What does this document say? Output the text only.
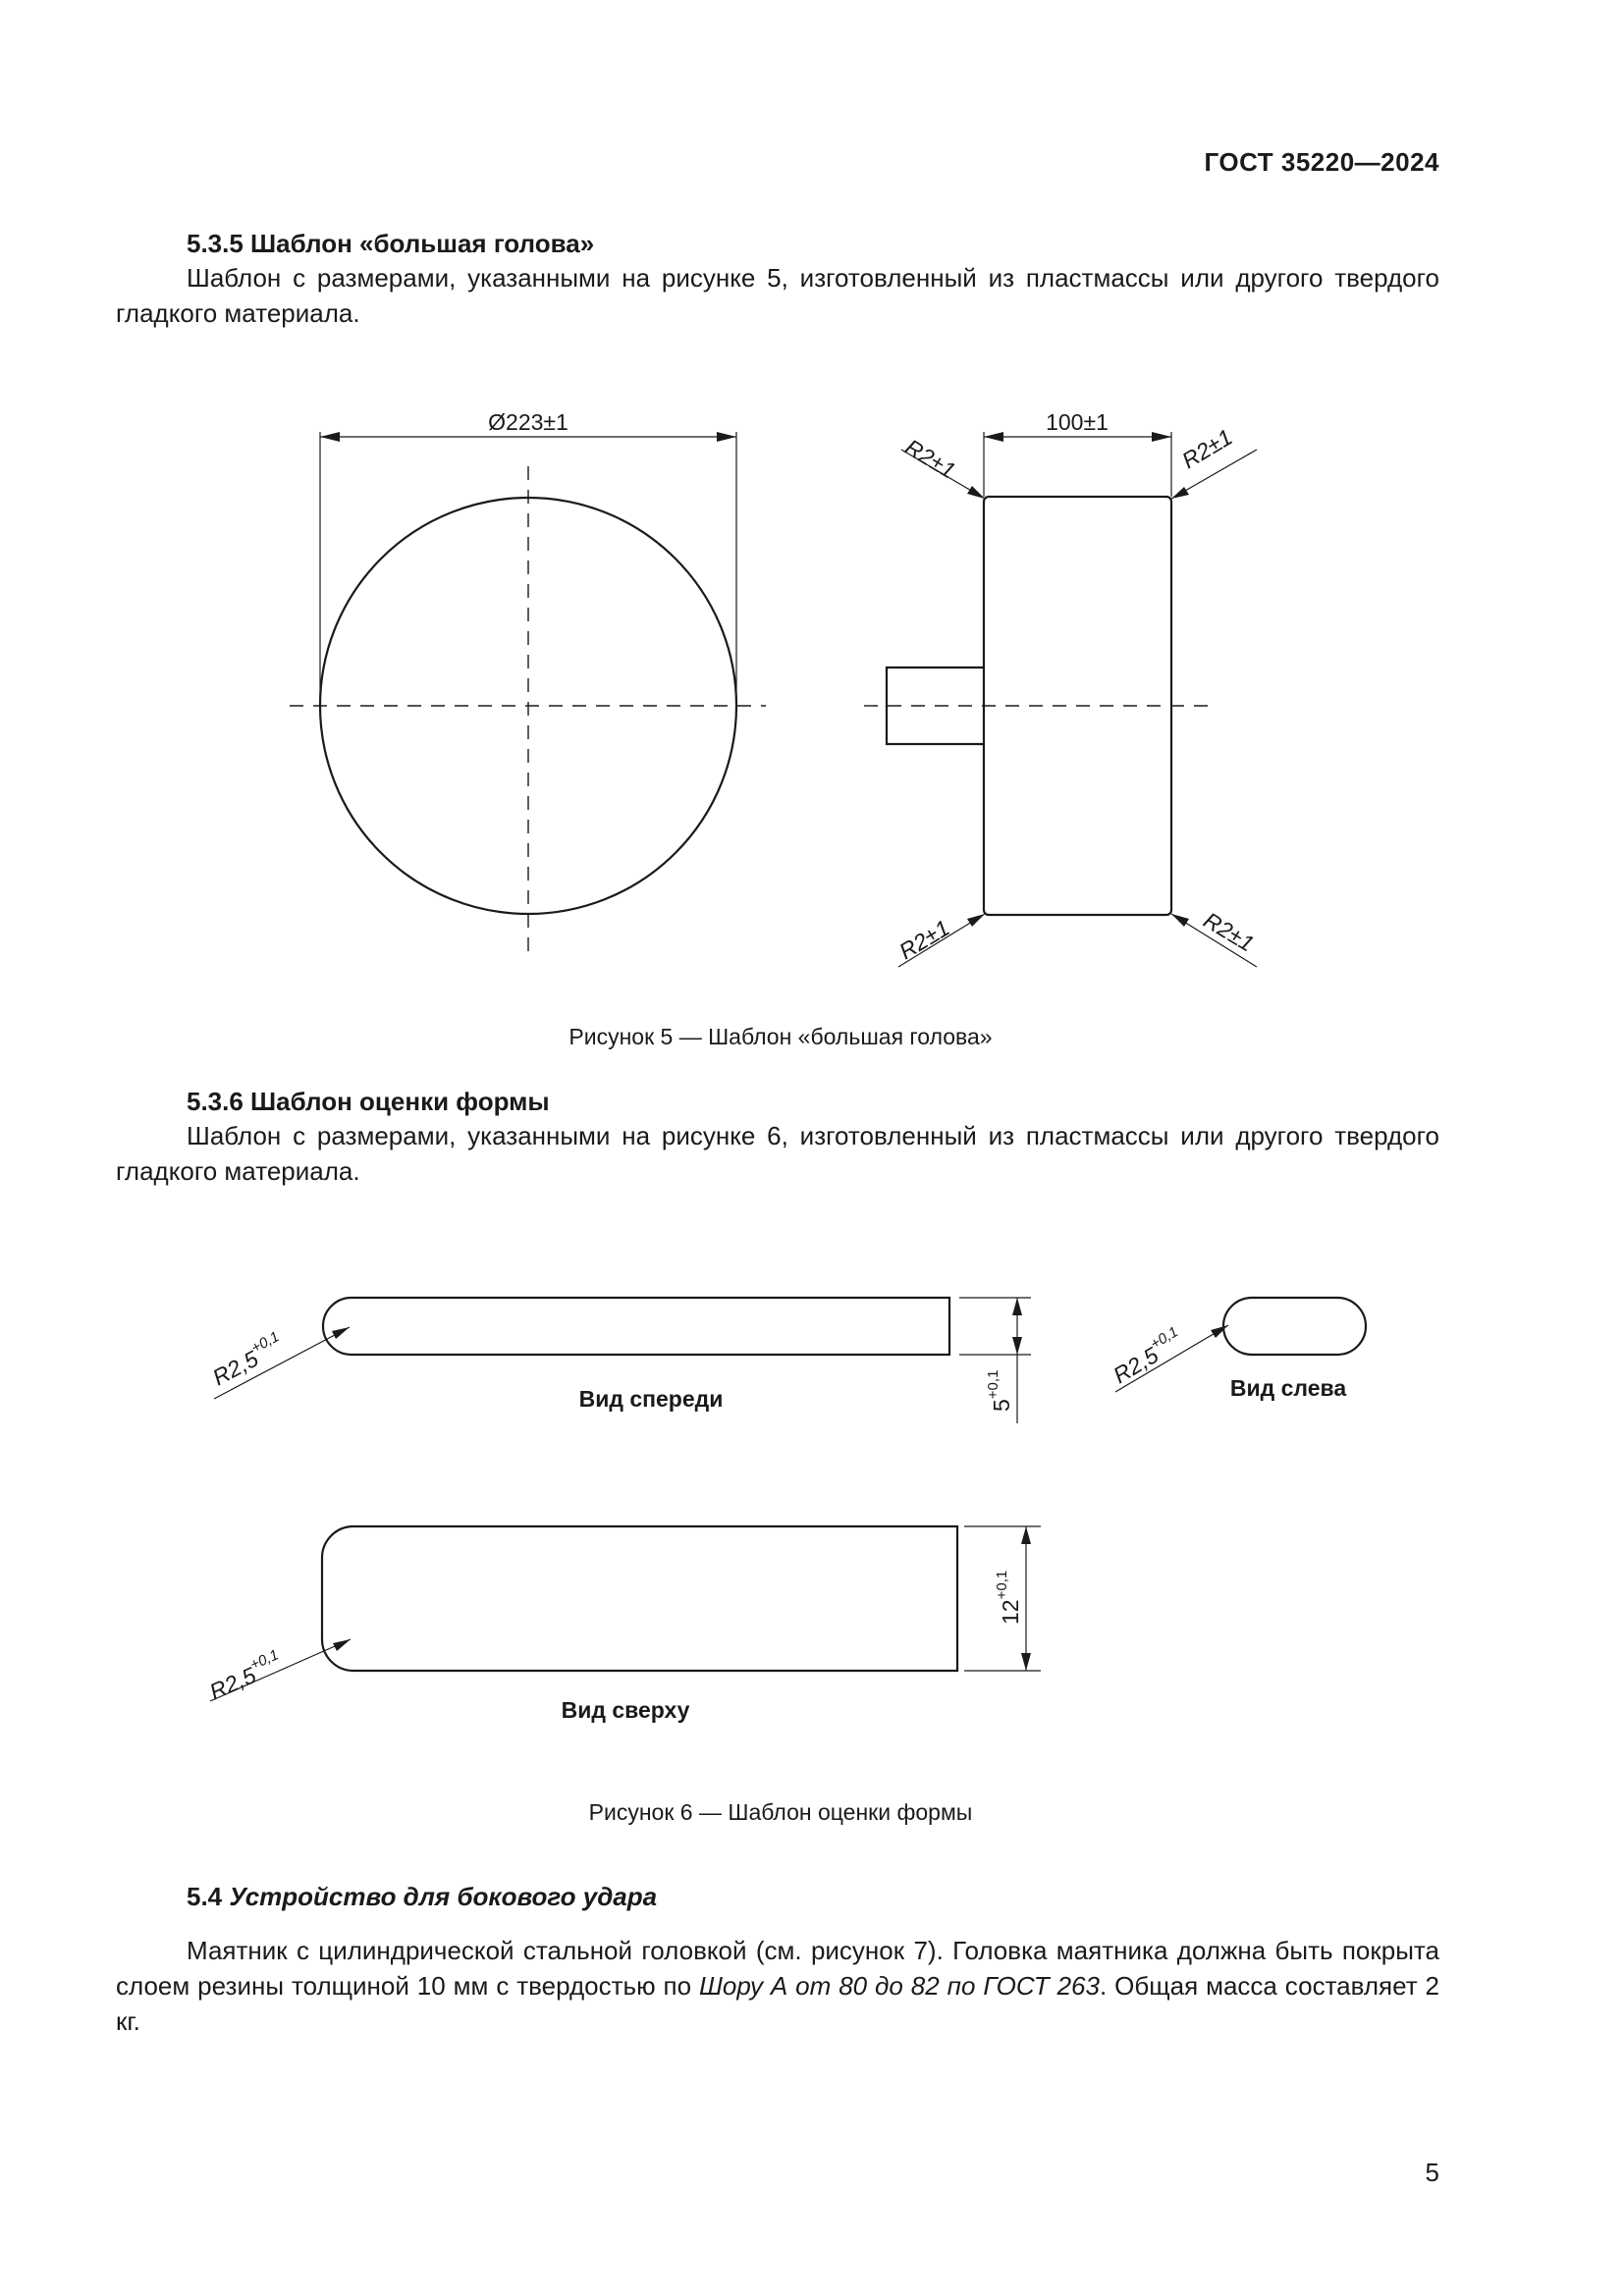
ГОСТ 35220—2024
5.3.5 Шаблон «большая голова»
Шаблон с размерами, указанными на рисунке 5, изготовленный из пластмассы или другого твердого гладкого материала.
Ø223±1	100±1
R2±1	R2±1
R2±1	R2±1
$R2,5^{+0,1}$
Вид спереди	$5^{+0,1}$	$R2,5^{+0,1}$
Вид слева
$R2,5^{+0,1}$
$12^{+0,1}$
Вид сверху
Рисунок 5 — Шаблон «большая голова»
5.3.6 Шаблон оценки формы
Шаблон с размерами, указанными на рисунке 6, изготовленный из пластмассы или другого твердого гладкого материала.
Рисунок 6 — Шаблон оценки формы
5.4 Устройство для бокового удара
Маятник с цилиндрической стальной головкой (см. рисунок 7). Головка маятника должна быть покрыта слоем резины толщиной 10 мм с твердостью по Шору А от 80 до 82 по ГОСТ 263. Общая масса составляет 2 кг.
5
